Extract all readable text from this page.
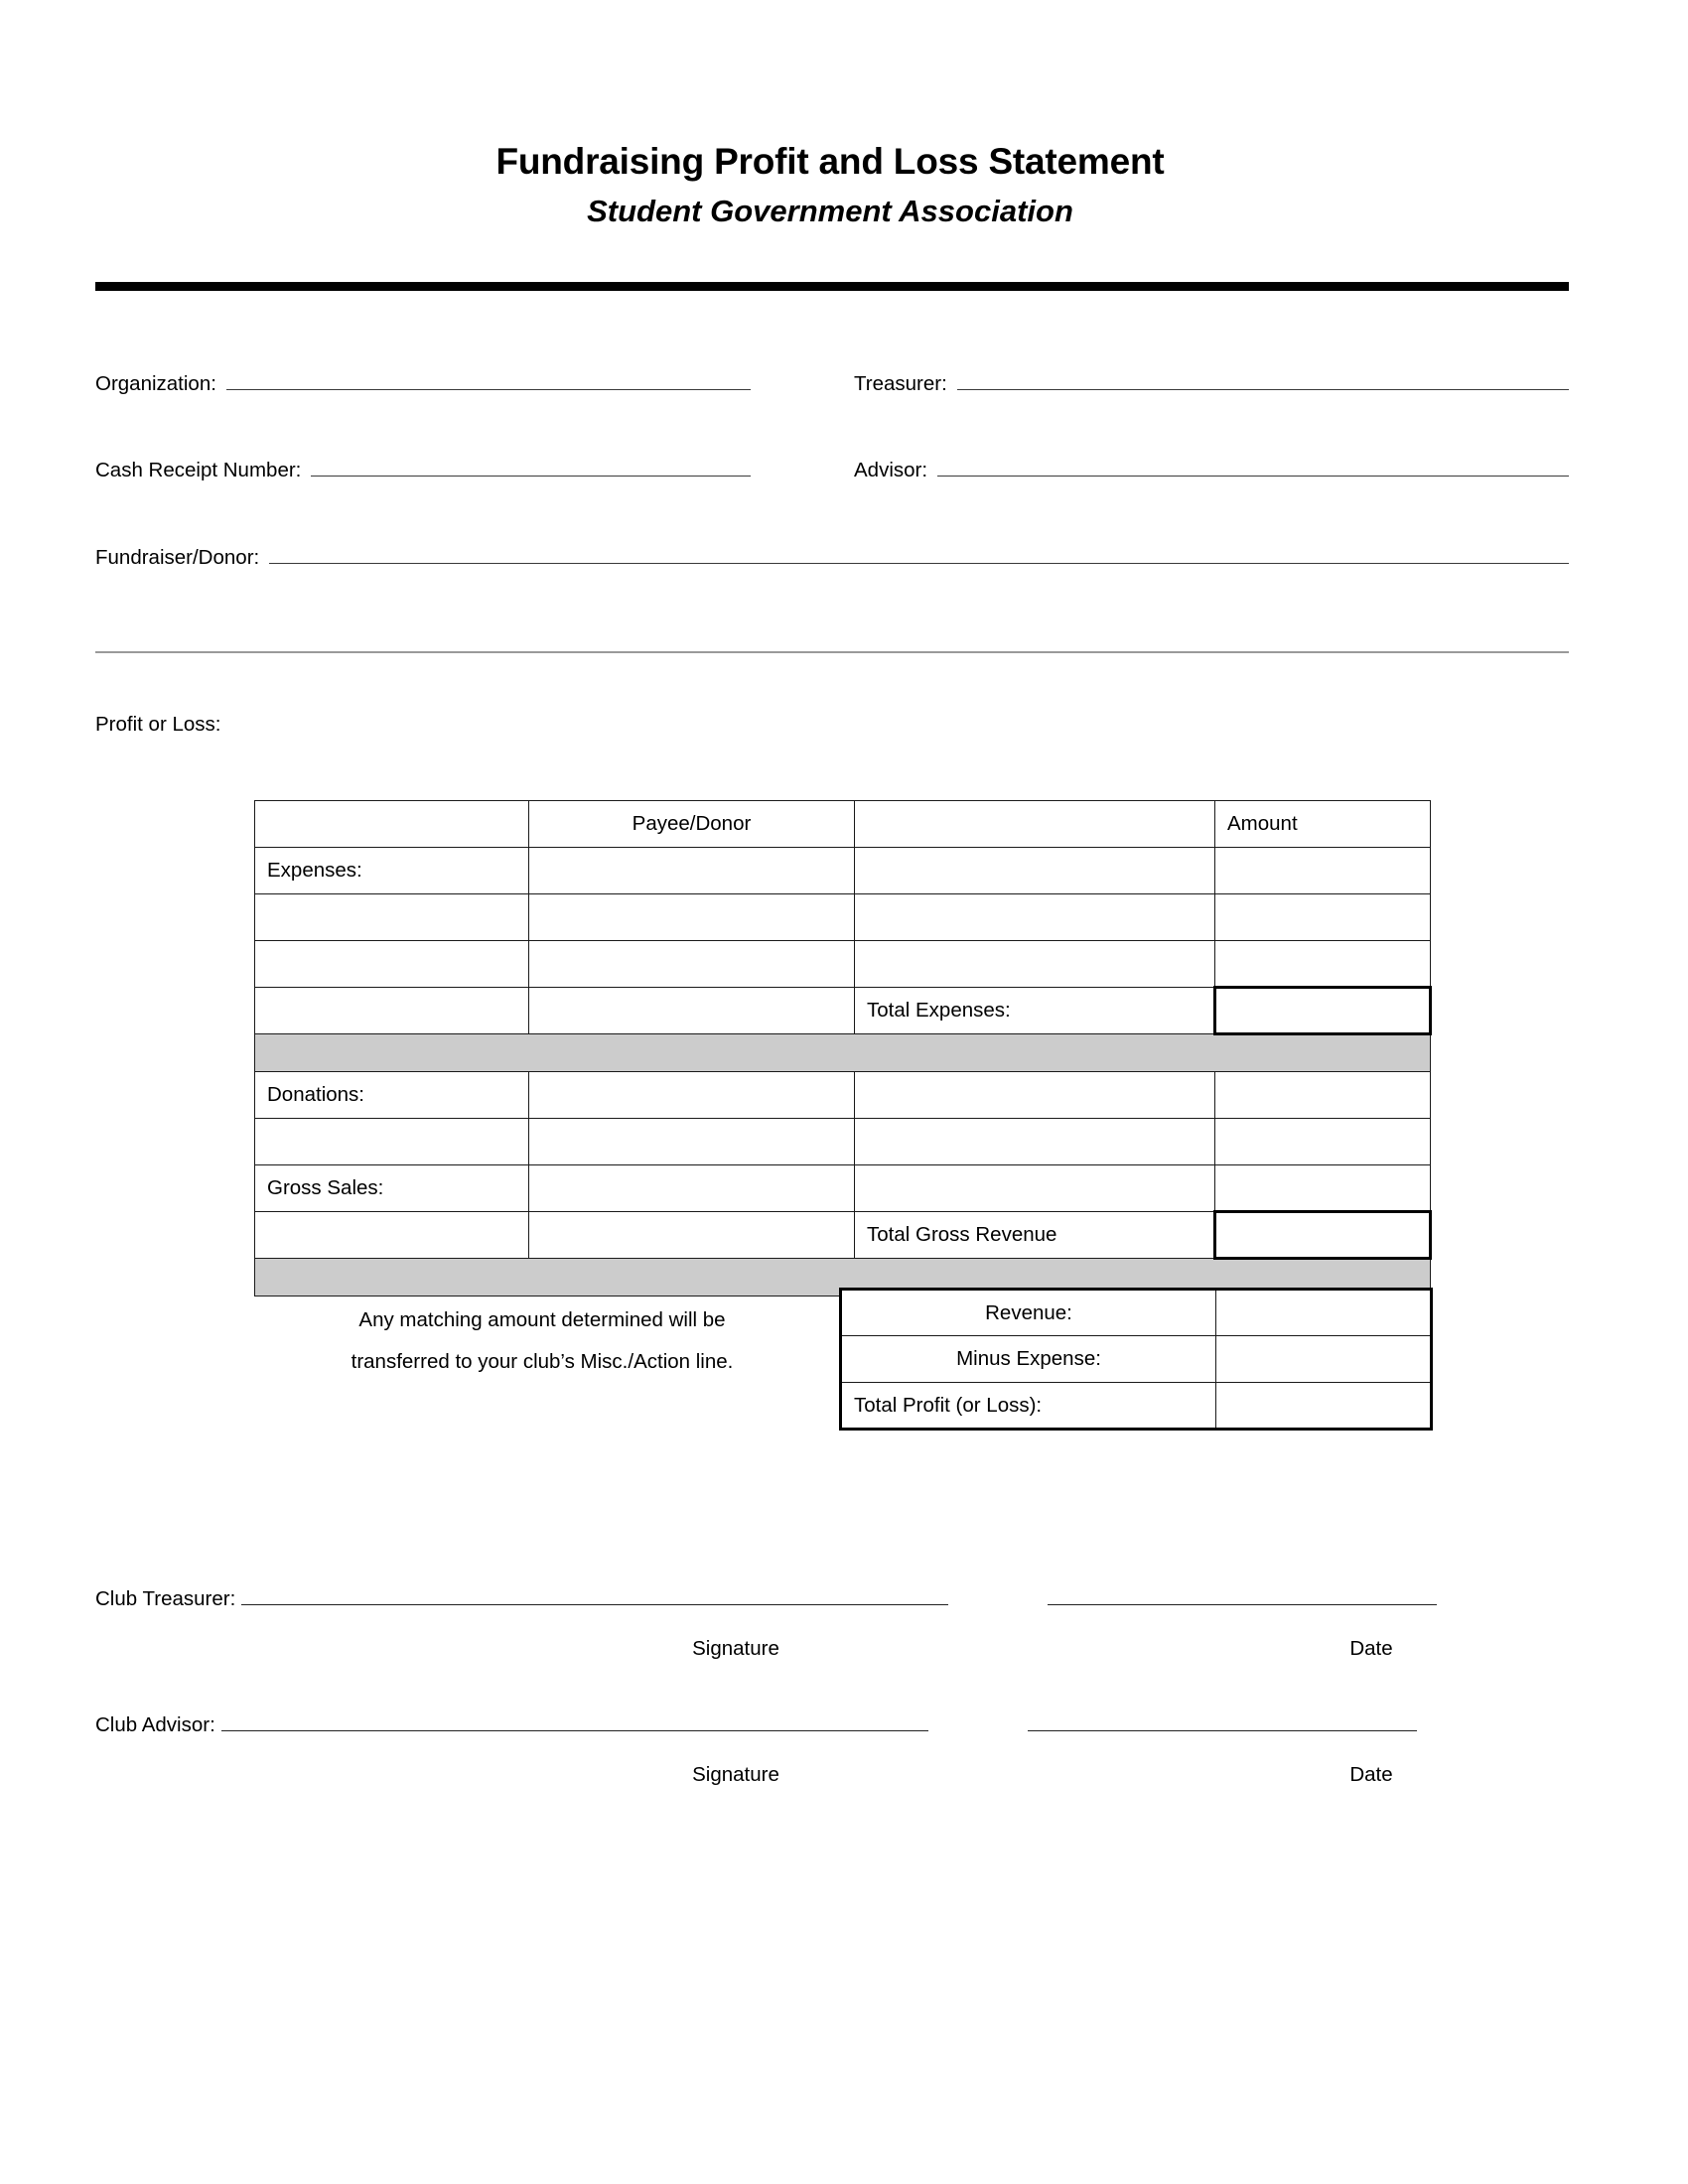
Fundraising Profit and Loss Statement
Student Government Association
Organization:	Treasurer:
Cash Receipt Number:	Advisor:
Fundraiser/Donor:
Profit or Loss:
	Payee/Donor		Amount
Expenses:			

		Total Expenses:	

Donations:			

Gross Sales:			
		Total Gross Revenue	

Any matching amount determined will be
transferred to your club’s Misc./Action line.
Revenue:	
Minus Expense:	
Total Profit (or Loss):	
Club Treasurer:
Signature	Date
Club Advisor:
Signature	Date
